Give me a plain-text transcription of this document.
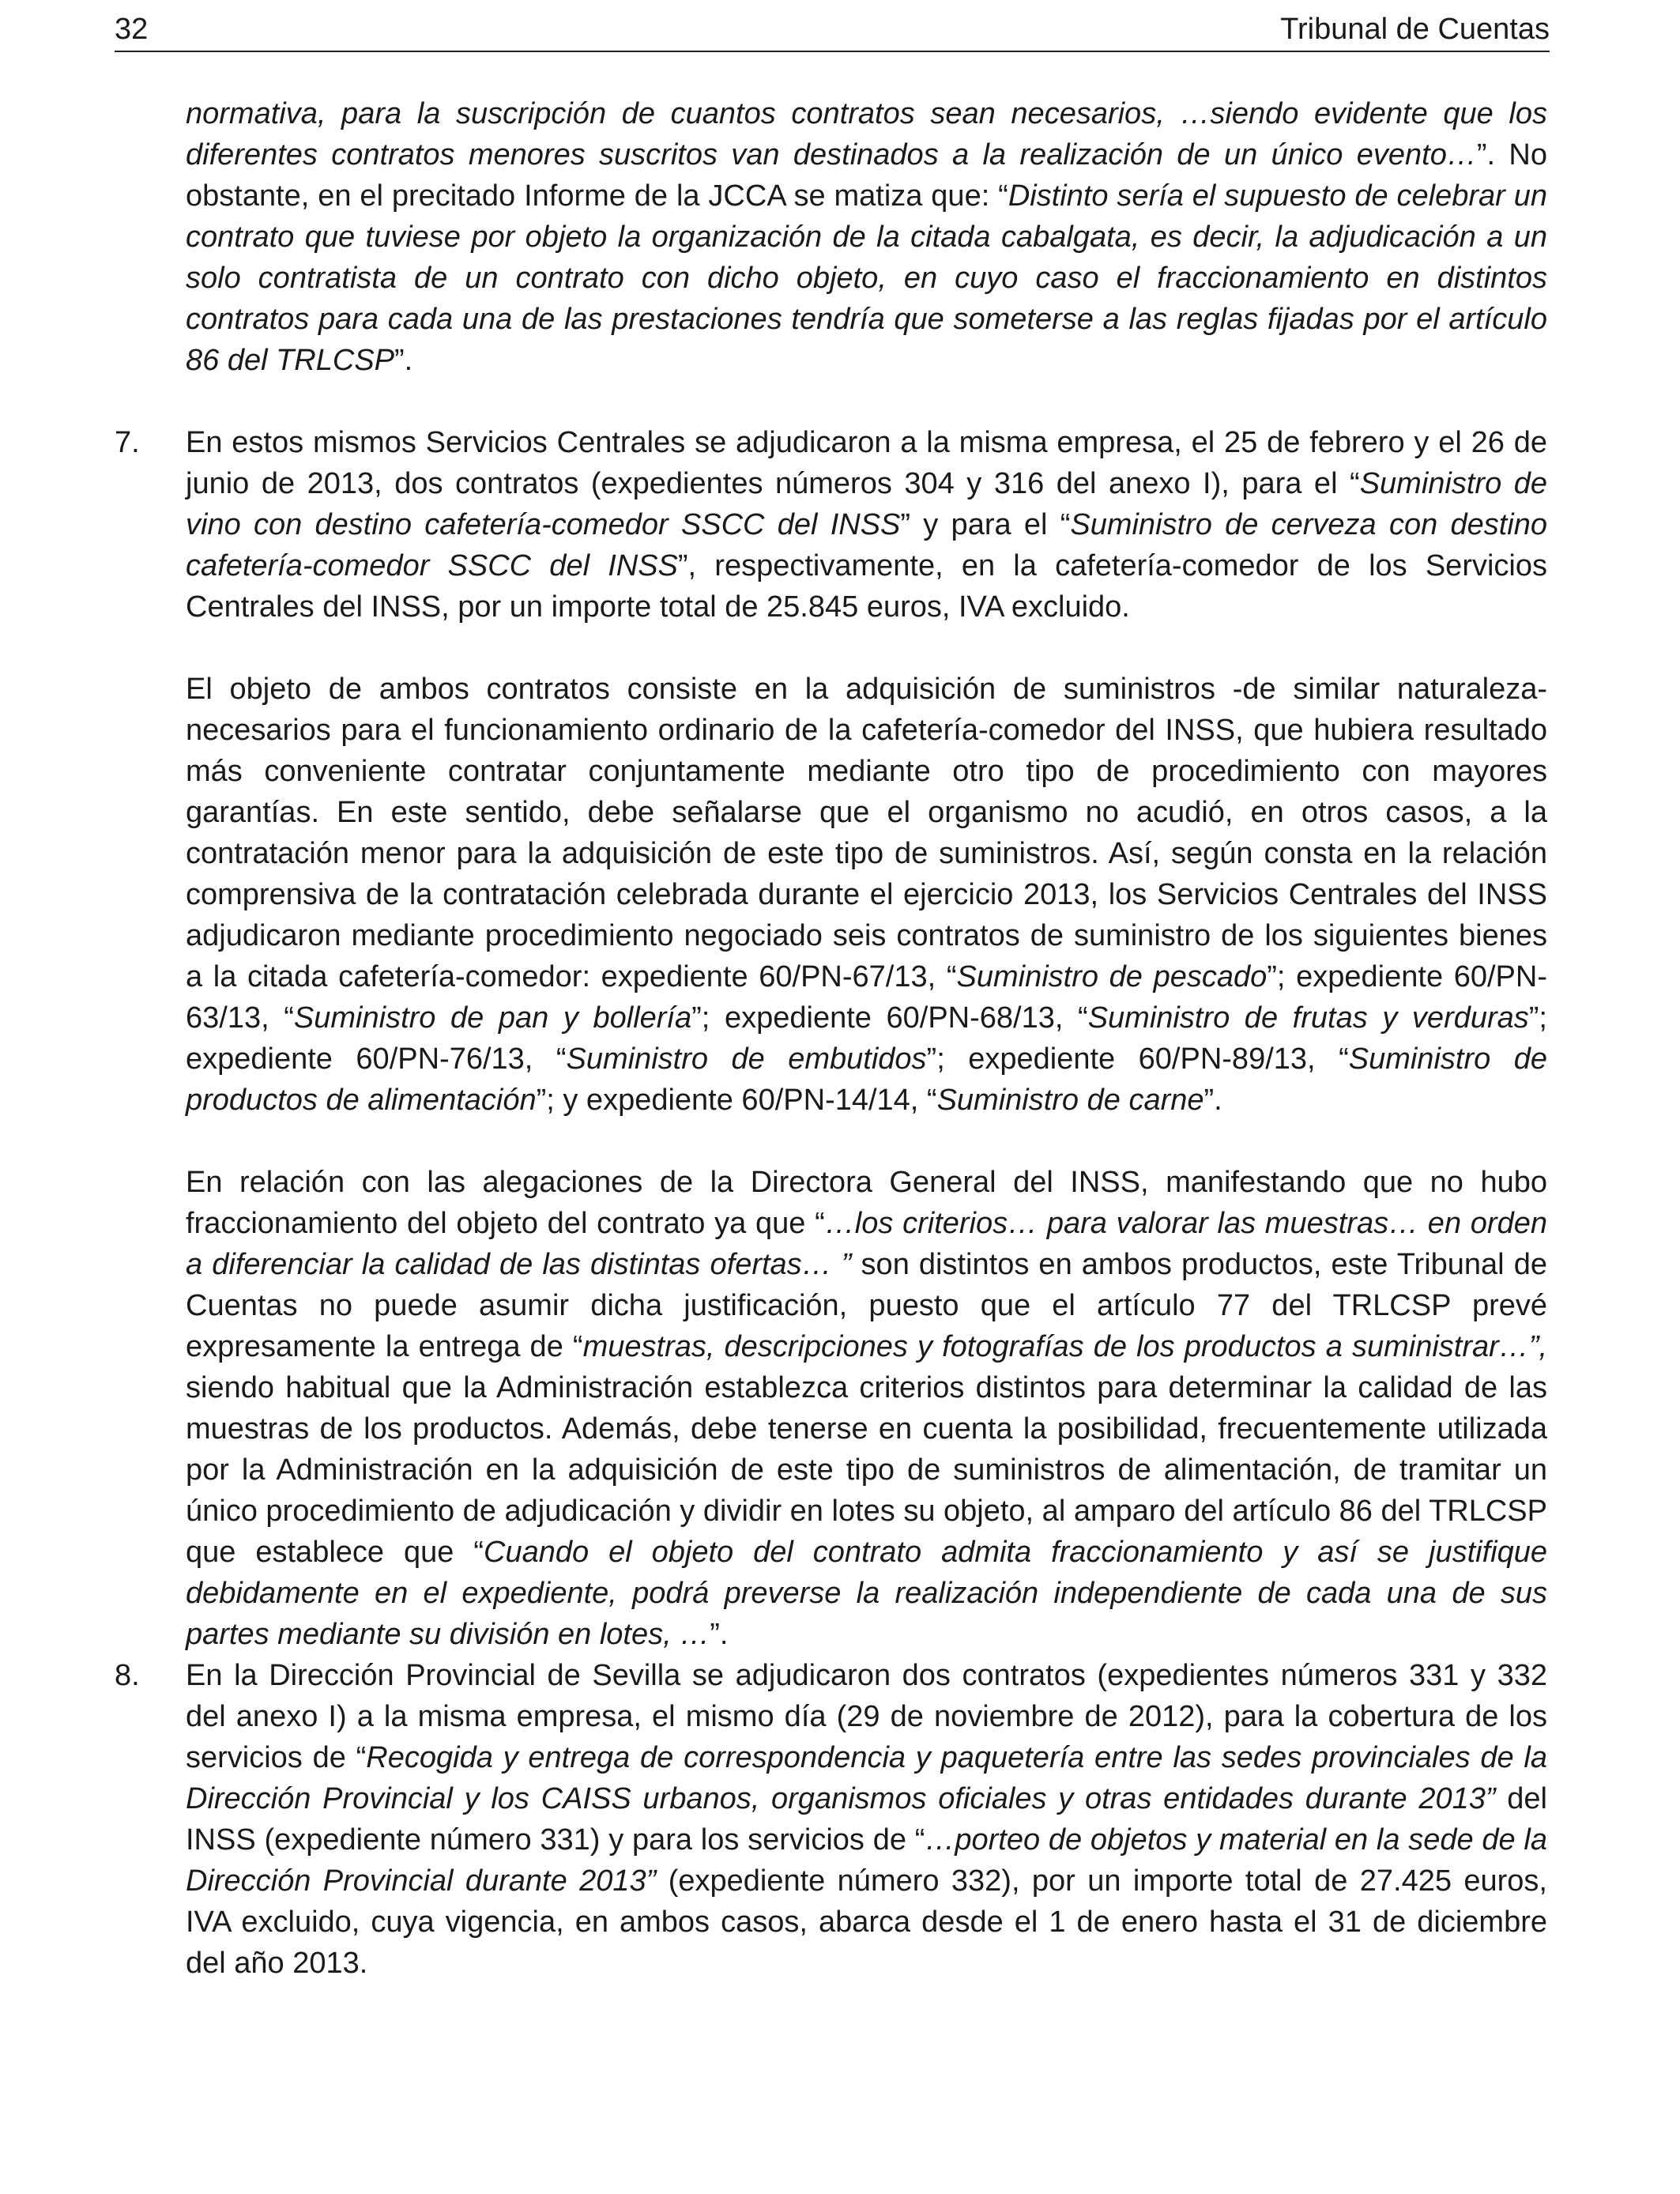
32	Tribunal de Cuentas

normativa, para la suscripción de cuantos contratos sean necesarios, …siendo evidente que los diferentes contratos menores suscritos van destinados a la realización de un único evento…”. No obstante, en el precitado Informe de la JCCA se matiza que: “Distinto sería el supuesto de celebrar un contrato que tuviese por objeto la organización de la citada cabalgata, es decir, la adjudicación a un solo contratista de un contrato con dicho objeto, en cuyo caso el fraccionamiento en distintos contratos para cada una de las prestaciones tendría que someterse a las reglas fijadas por el artículo 86 del TRLCSP”.

7. En estos mismos Servicios Centrales se adjudicaron a la misma empresa, el 25 de febrero y el 26 de junio de 2013, dos contratos (expedientes números 304 y 316 del anexo I), para el “Suministro de vino con destino cafetería-comedor SSCC del INSS” y para el “Suministro de cerveza con destino cafetería-comedor SSCC del INSS”, respectivamente, en la cafetería-comedor de los Servicios Centrales del INSS, por un importe total de 25.845 euros, IVA excluido.

El objeto de ambos contratos consiste en la adquisición de suministros -de similar naturaleza- necesarios para el funcionamiento ordinario de la cafetería-comedor del INSS, que hubiera resultado más conveniente contratar conjuntamente mediante otro tipo de procedimiento con mayores garantías. En este sentido, debe señalarse que el organismo no acudió, en otros casos, a la contratación menor para la adquisición de este tipo de suministros. Así, según consta en la relación comprensiva de la contratación celebrada durante el ejercicio 2013, los Servicios Centrales del INSS adjudicaron mediante procedimiento negociado seis contratos de suministro de los siguientes bienes a la citada cafetería-comedor: expediente 60/PN-67/13, “Suministro de pescado”; expediente 60/PN-63/13, “Suministro de pan y bollería”; expediente 60/PN-68/13, “Suministro de frutas y verduras”; expediente 60/PN-76/13, “Suministro de embutidos”; expediente 60/PN-89/13, “Suministro de productos de alimentación”; y expediente 60/PN-14/14, “Suministro de carne”.

En relación con las alegaciones de la Directora General del INSS, manifestando que no hubo fraccionamiento del objeto del contrato ya que “…los criterios… para valorar las muestras… en orden a diferenciar la calidad de las distintas ofertas… ” son distintos en ambos productos, este Tribunal de Cuentas no puede asumir dicha justificación, puesto que el artículo 77 del TRLCSP prevé expresamente la entrega de “muestras, descripciones y fotografías de los productos a suministrar…”, siendo habitual que la Administración establezca criterios distintos para determinar la calidad de las muestras de los productos. Además, debe tenerse en cuenta la posibilidad, frecuentemente utilizada por la Administración en la adquisición de este tipo de suministros de alimentación, de tramitar un único procedimiento de adjudicación y dividir en lotes su objeto, al amparo del artículo 86 del TRLCSP que establece que “Cuando el objeto del contrato admita fraccionamiento y así se justifique debidamente en el expediente, podrá preverse la realización independiente de cada una de sus partes mediante su división en lotes, …”.

8. En la Dirección Provincial de Sevilla se adjudicaron dos contratos (expedientes números 331 y 332 del anexo I) a la misma empresa, el mismo día (29 de noviembre de 2012), para la cobertura de los servicios de “Recogida y entrega de correspondencia y paquetería entre las sedes provinciales de la Dirección Provincial y los CAISS urbanos, organismos oficiales y otras entidades durante 2013” del INSS (expediente número 331) y para los servicios de “…porteo de objetos y material en la sede de la Dirección Provincial durante 2013” (expediente número 332), por un importe total de 27.425 euros, IVA excluido, cuya vigencia, en ambos casos, abarca desde el 1 de enero hasta el 31 de diciembre del año 2013.
